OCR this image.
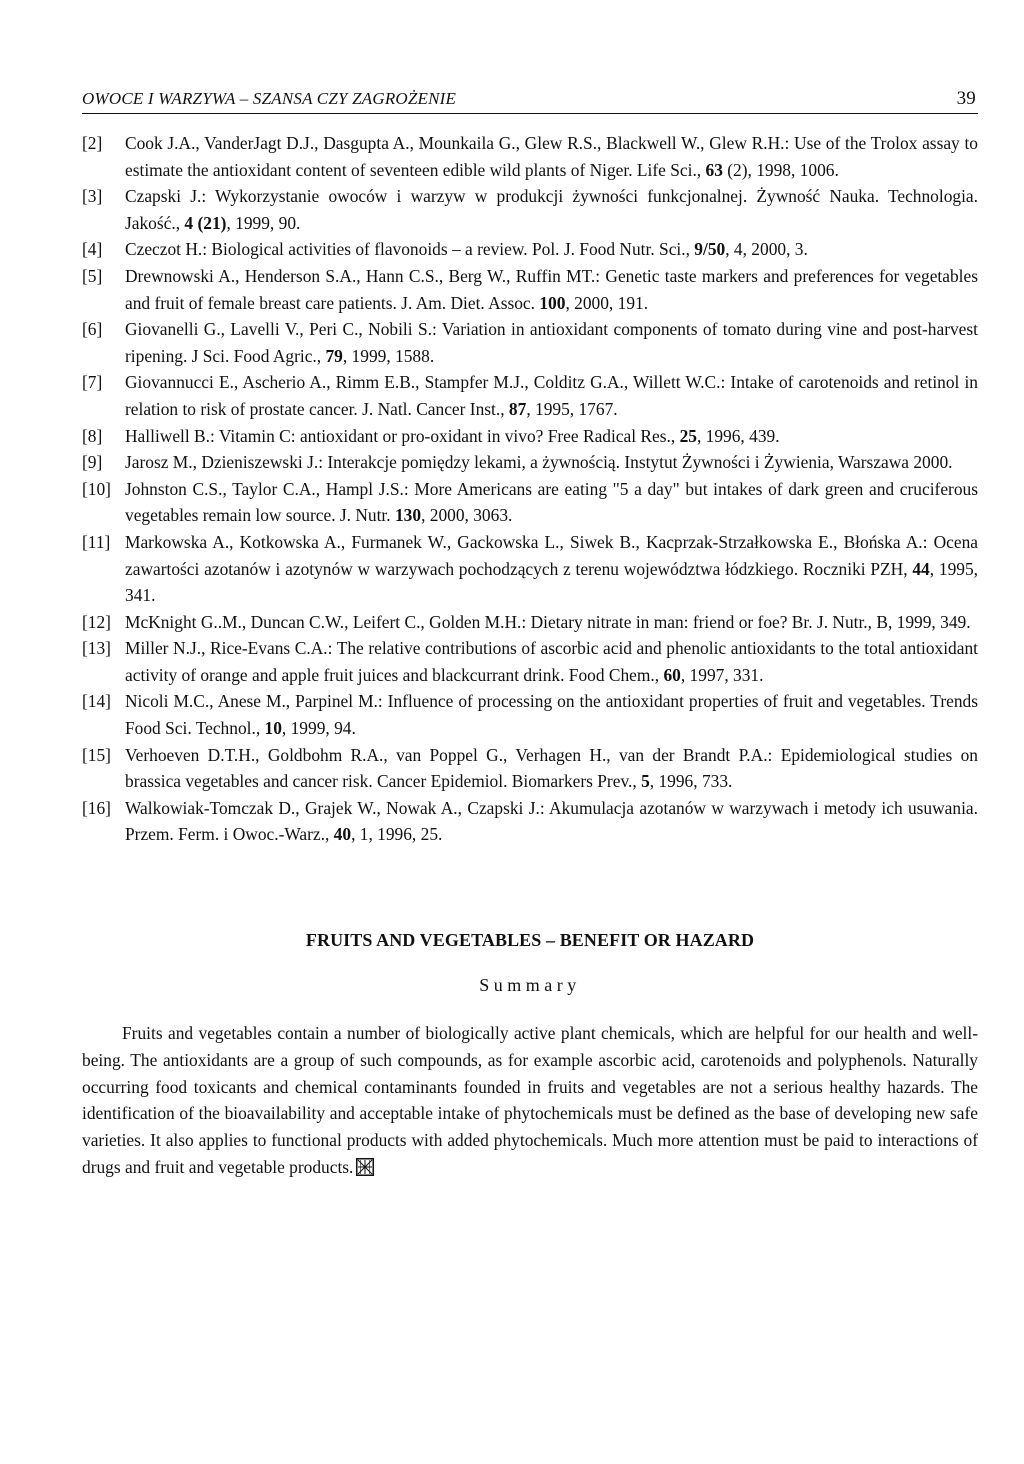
OWOCE I WARZYWA – SZANSA CZY ZAGROŻENIE	39
[2] Cook J.A., VanderJagt D.J., Dasgupta A., Mounkaila G., Glew R.S., Blackwell W., Glew R.H.: Use of the Trolox assay to estimate the antioxidant content of seventeen edible wild plants of Niger. Life Sci., 63 (2), 1998, 1006.
[3] Czapski J.: Wykorzystanie owoców i warzyw w produkcji żywności funkcjonalnej. Żywność Nauka. Technologia. Jakość., 4 (21), 1999, 90.
[4] Czeczot H.: Biological activities of flavonoids – a review. Pol. J. Food Nutr. Sci., 9/50, 4, 2000, 3.
[5] Drewnowski A., Henderson S.A., Hann C.S., Berg W., Ruffin MT.: Genetic taste markers and preferences for vegetables and fruit of female breast care patients. J. Am. Diet. Assoc. 100, 2000, 191.
[6] Giovanelli G., Lavelli V., Peri C., Nobili S.: Variation in antioxidant components of tomato during vine and post-harvest ripening. J Sci. Food Agric., 79, 1999, 1588.
[7] Giovannucci E., Ascherio A., Rimm E.B., Stampfer M.J., Colditz G.A., Willett W.C.: Intake of carotenoids and retinol in relation to risk of prostate cancer. J. Natl. Cancer Inst., 87, 1995, 1767.
[8] Halliwell B.: Vitamin C: antioxidant or pro-oxidant in vivo? Free Radical Res., 25, 1996, 439.
[9] Jarosz M., Dzieniszewski J.: Interakcje pomiędzy lekami, a żywnością. Instytut Żywności i Żywienia, Warszawa 2000.
[10] Johnston C.S., Taylor C.A., Hampl J.S.: More Americans are eating "5 a day" but intakes of dark green and cruciferous vegetables remain low source. J. Nutr. 130, 2000, 3063.
[11] Markowska A., Kotkowska A., Furmanek W., Gackowska L., Siwek B., Kacprzak-Strzałkowska E., Błońska A.: Ocena zawartości azotanów i azotynów w warzywach pochodzących z terenu województwa łódzkiego. Roczniki PZH, 44, 1995, 341.
[12] McKnight G..M., Duncan C.W., Leifert C., Golden M.H.: Dietary nitrate in man: friend or foe? Br. J. Nutr., B, 1999, 349.
[13] Miller N.J., Rice-Evans C.A.: The relative contributions of ascorbic acid and phenolic antioxidants to the total antioxidant activity of orange and apple fruit juices and blackcurrant drink. Food Chem., 60, 1997, 331.
[14] Nicoli M.C., Anese M., Parpinel M.: Influence of processing on the antioxidant properties of fruit and vegetables. Trends Food Sci. Technol., 10, 1999, 94.
[15] Verhoeven D.T.H., Goldbohm R.A., van Poppel G., Verhagen H., van der Brandt P.A.: Epidemiological studies on brassica vegetables and cancer risk. Cancer Epidemiol. Biomarkers Prev., 5, 1996, 733.
[16] Walkowiak-Tomczak D., Grajek W., Nowak A., Czapski J.: Akumulacja azotanów w warzywach i metody ich usuwania. Przem. Ferm. i Owoc.-Warz., 40, 1, 1996, 25.
FRUITS AND VEGETABLES – BENEFIT OR HAZARD
Summary
Fruits and vegetables contain a number of biologically active plant chemicals, which are helpful for our health and well-being. The antioxidants are a group of such compounds, as for example ascorbic acid, carotenoids and polyphenols. Naturally occurring food toxicants and chemical contaminants founded in fruits and vegetables are not a serious healthy hazards. The identification of the bioavailability and acceptable intake of phytochemicals must be defined as the base of developing new safe varieties. It also applies to functional products with added phytochemicals. Much more attention must be paid to interactions of drugs and fruit and vegetable products.
